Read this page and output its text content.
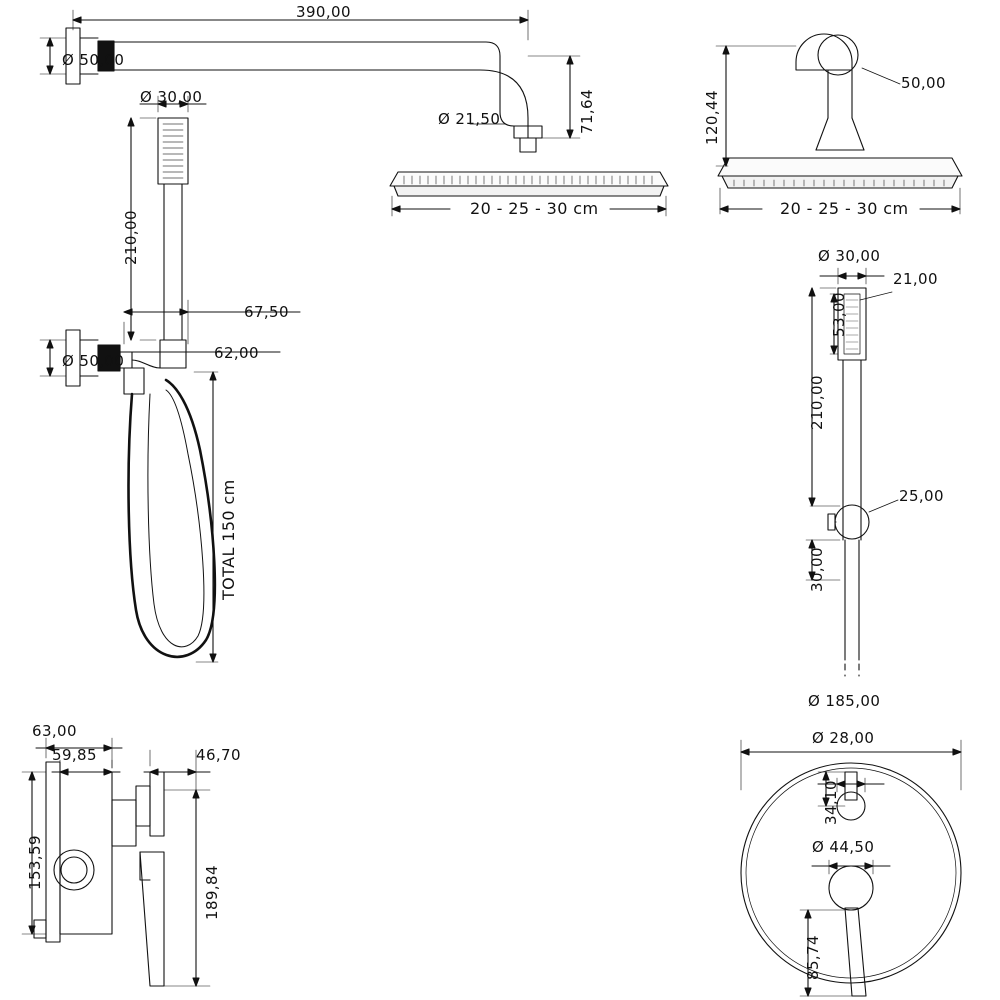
390,00
Ø 50,00
Ø 30,00	71,64
Ø 21,50
210,00
20 - 25 - 30 cm
67,50
62,00
Ø 50,00
TOTAL 150 cm
120,44
50,00
20 - 25 - 30 cm
Ø 30,00
21,00
53,00
210,00
25,00
30,00
63,00
59,85	46,70
153,59
189,84
Ø 185,00
Ø 28,00
34,10
Ø 44,50
85,74
